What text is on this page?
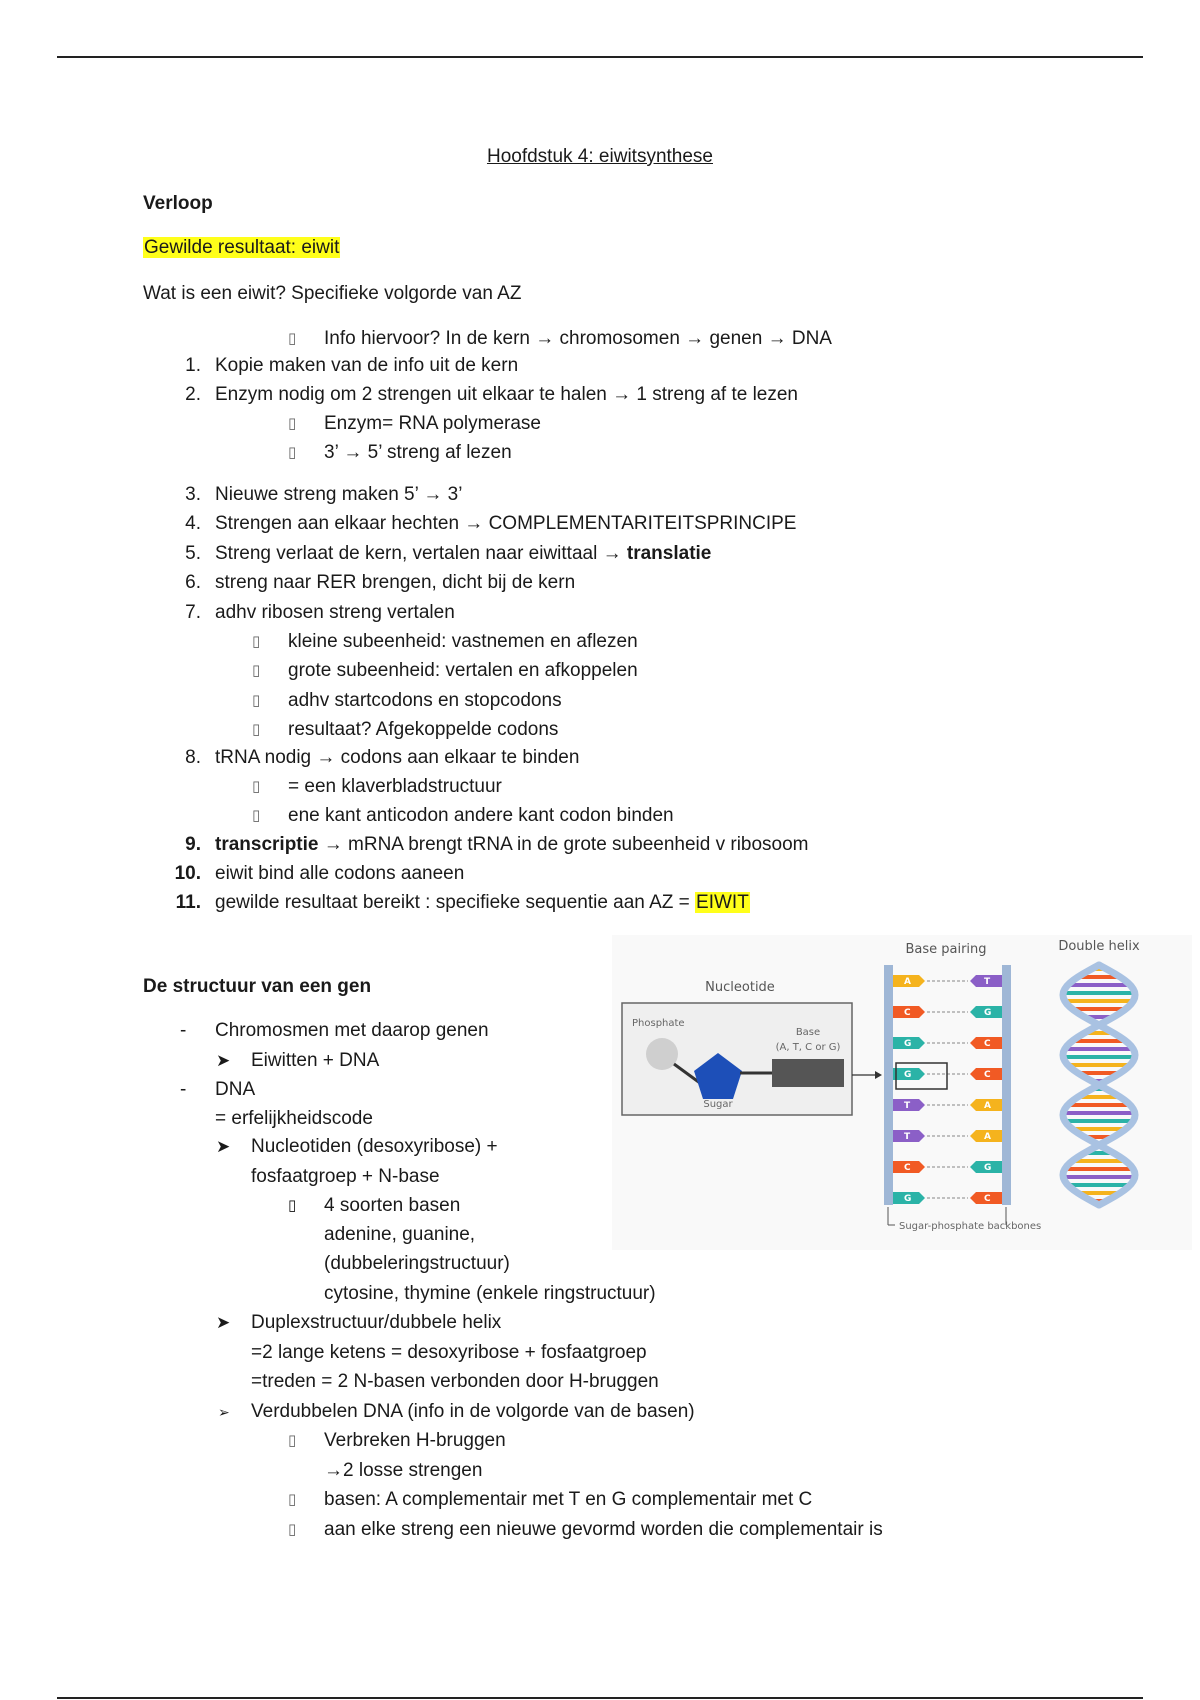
Hoofdstuk 4: eiwitsynthese
Verloop
Gewilde resultaat: eiwit
Wat is een eiwit? Specifieke volgorde van AZ
▯ Info hiervoor? In de kern → chromosomen → genen → DNA
1. Kopie maken van de info uit de kern
2. Enzym nodig om 2 strengen uit elkaar te halen → 1 streng af te lezen
3. Nieuwe streng maken 5’ → 3’
4. Strengen aan elkaar hechten → COMPLEMENTARITEITSPRINCIPE
5. Streng verlaat de kern, vertalen naar eiwittaal → translatie
6. streng naar RER brengen, dicht bij de kern
7. adhv ribosen streng vertalen
8. tRNA nodig → codons aan elkaar te binden
9. transcriptie → mRNA brengt tRNA in de grote subeenheid v ribosoom
10. eiwit bind alle codons aaneen
11. gewilde resultaat bereikt : specifieke sequentie aan AZ = EIWIT
▯ Enzym= RNA polymerase
▯ 3’ → 5’ streng af lezen
▯ kleine subeenheid: vastnemen en aflezen
▯ grote subeenheid: vertalen en afkoppelen
▯ adhv startcodons en stopcodons
▯ resultaat? Afgekoppelde codons
▯ = een klaverbladstructuur
▯ ene kant anticodon andere kant codon binden
De structuur van een gen
- Chromosmen met daarop genen
➤ Eiwitten + DNA
- DNA
= erfelijkheidscode
➤ Nucleotiden (desoxyribose) +
fosfaatgroep + N-base
▯ 4 soorten basen
adenine, guanine,
(dubbeleringstructuur)
cytosine, thymine (enkele ringstructuur)
➤ Duplexstructuur/dubbele helix
=2 lange ketens = desoxyribose + fosfaatgroep
=treden = 2 N-basen verbonden door H-bruggen
➢ Verdubbelen DNA (info in de volgorde van de basen)
▯ Verbreken H-bruggen
→2 losse strengen
▯ basen: A complementair met T en G complementair met C
▯ aan elke streng een nieuwe gevormd worden die complementair is
Nucleotide
Phosphate
Sugar
Base
(A, T, C or G)
Base pairing	Double helix
A	T
C	G
G	C
G	C
T	A
T	A
C	G
G	C
Sugar-phosphate backbones
